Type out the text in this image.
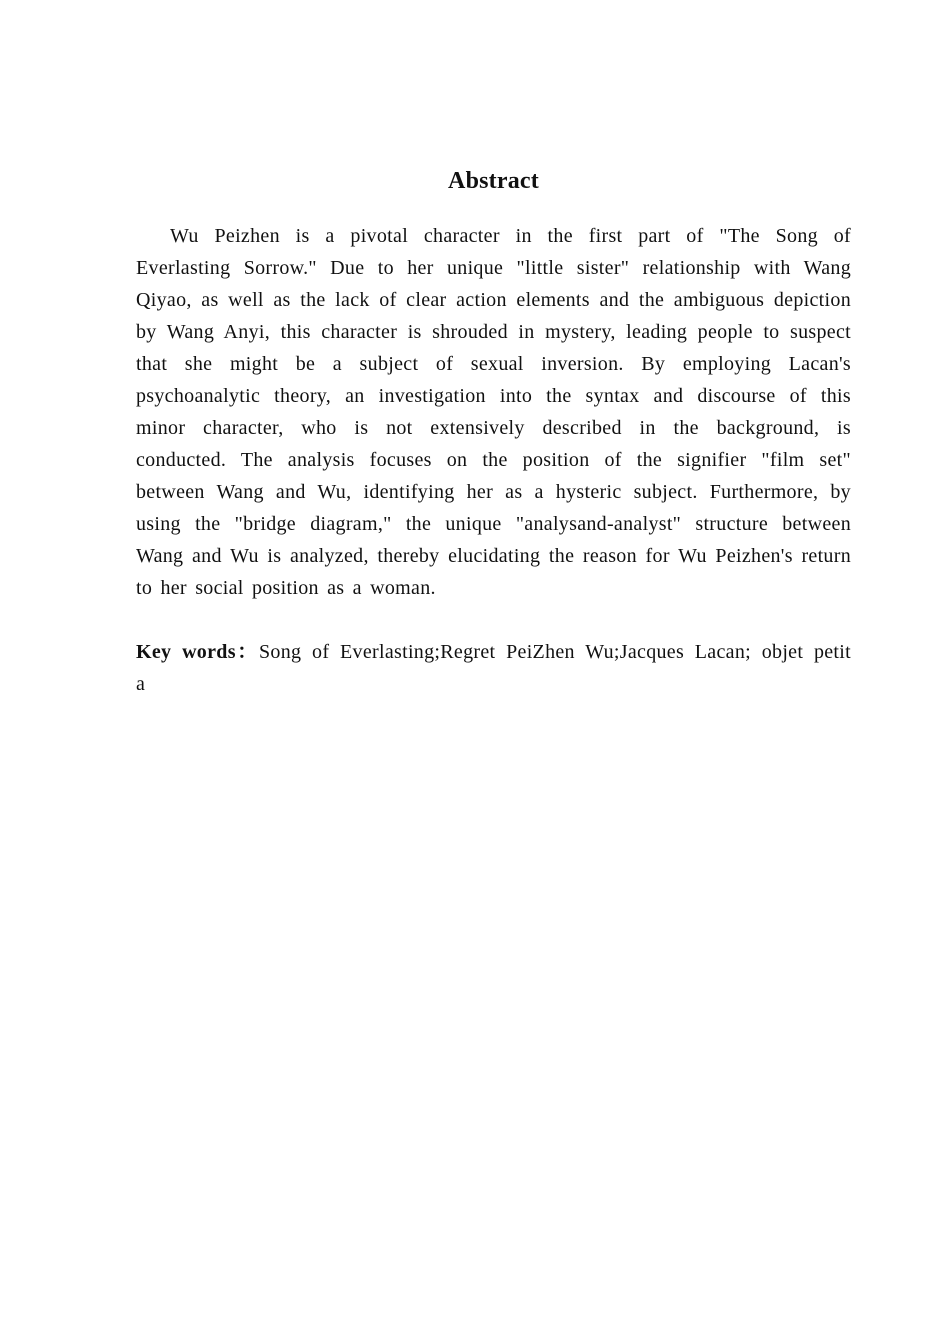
Abstract

Wu Peizhen is a pivotal character in the first part of "The Song of Everlasting Sorrow." Due to her unique "little sister" relationship with Wang Qiyao, as well as the lack of clear action elements and the ambiguous depiction by Wang Anyi, this character is shrouded in mystery, leading people to suspect that she might be a subject of sexual inversion. By employing Lacan's psychoanalytic theory, an investigation into the syntax and discourse of this minor character, who is not extensively described in the background, is conducted. The analysis focuses on the position of the signifier "film set" between Wang and Wu, identifying her as a hysteric subject. Furthermore, by using the "bridge diagram," the unique "analysand-analyst" structure between Wang and Wu is analyzed, thereby elucidating the reason for Wu Peizhen's return to her social position as a woman.

Key words：Song of Everlasting;Regret PeiZhen Wu;Jacques Lacan; objet petit a
